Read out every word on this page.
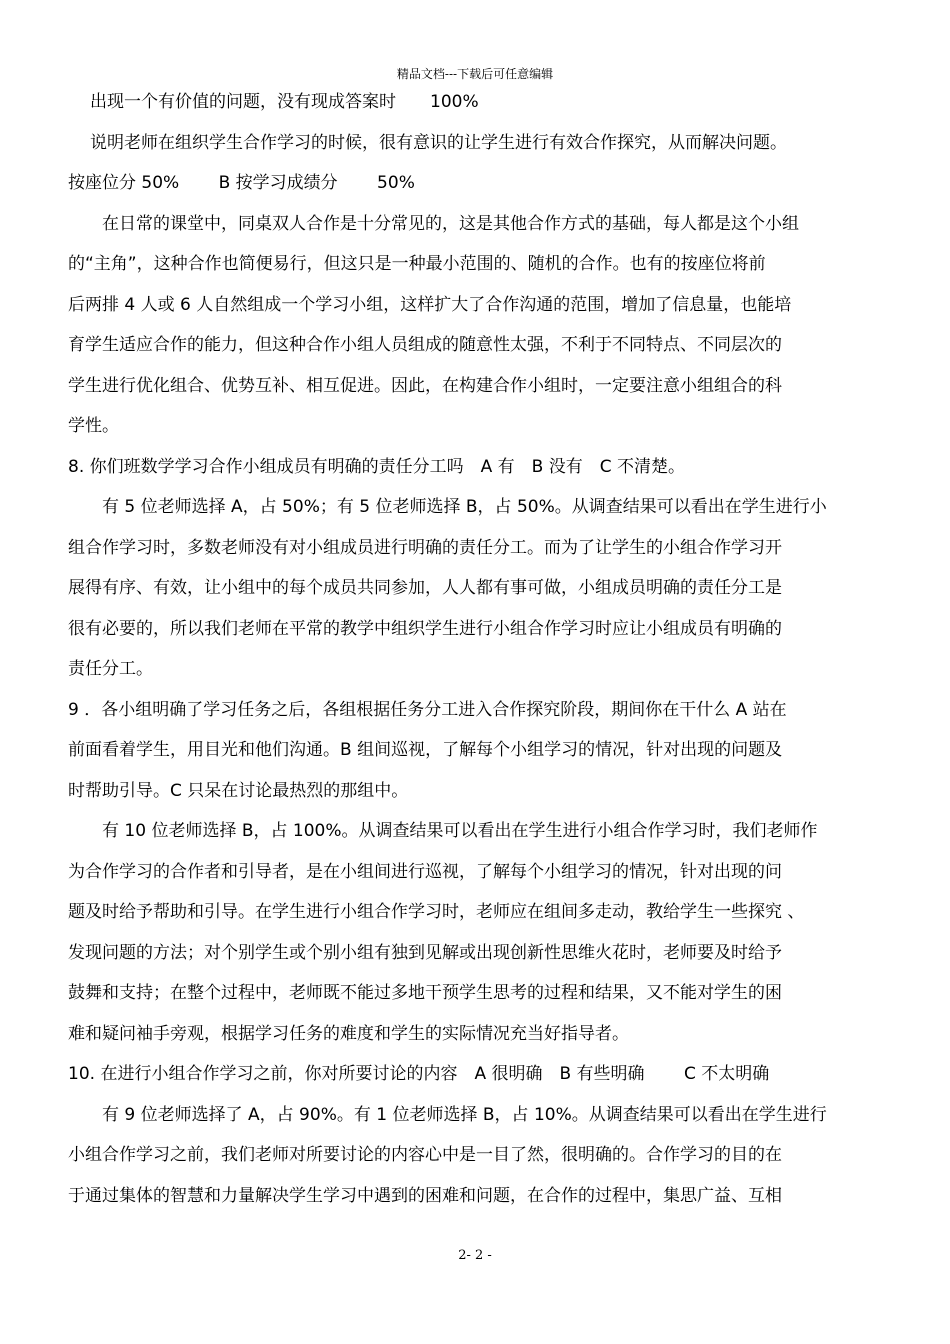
精品文档---下载后可任意编辑

出现一个有价值的问题，没有现成答案时　　100%

说明老师在组织学生合作学习的时候，很有意识的让学生进行有效合作探究，从而解决问题。

按座位分 50%　　 B 按学习成绩分　　 50%

在日常的课堂中，同桌双人合作是十分常见的，这是其他合作方式的基础，每人都是这个小组

的“主角”，这种合作也简便易行，但这只是一种最小范围的、随机的合作。也有的按座位将前

后两排 4 人或 6 人自然组成一个学习小组，这样扩大了合作沟通的范围，增加了信息量，也能培

育学生适应合作的能力，但这种合作小组人员组成的随意性太强，不利于不同特点、不同层次的

学生进行优化组合、优势互补、相互促进。因此，在构建合作小组时，一定要注意小组组合的科

学性。

8. 你们班数学学习合作小组成员有明确的责任分工吗　A 有　B 没有　C 不清楚。

有 5 位老师选择 A，占 50%；有 5 位老师选择 B，占 50%。从调查结果可以看出在学生进行小

组合作学习时，多数老师没有对小组成员进行明确的责任分工。而为了让学生的小组合作学习开

展得有序、有效，让小组中的每个成员共同参加，人人都有事可做，小组成员明确的责任分工是

很有必要的，所以我们老师在平常的教学中组织学生进行小组合作学习时应让小组成员有明确的

责任分工。

9 ．各小组明确了学习任务之后，各组根据任务分工进入合作探究阶段，期间你在干什么 A 站在

前面看着学生，用目光和他们沟通。B 组间巡视，了解每个小组学习的情况，针对出现的问题及

时帮助引导。C 只呆在讨论最热烈的那组中。

有 10 位老师选择 B，占 100%。从调查结果可以看出在学生进行小组合作学习时，我们老师作

为合作学习的合作者和引导者，是在小组间进行巡视，了解每个小组学习的情况，针对出现的问

题及时给予帮助和引导。在学生进行小组合作学习时，老师应在组间多走动，教给学生一些探究 、

发现问题的方法；对个别学生或个别小组有独到见解或出现创新性思维火花时，老师要及时给予

鼓舞和支持；在整个过程中，老师既不能过多地干预学生思考的过程和结果，又不能对学生的困

难和疑问袖手旁观，根据学习任务的难度和学生的实际情况充当好指导者。

10. 在进行小组合作学习之前，你对所要讨论的内容　A 很明确　B 有些明确　　 C 不太明确

有 9 位老师选择了 A，占 90%。有 1 位老师选择 B，占 10%。从调查结果可以看出在学生进行

小组合作学习之前，我们老师对所要讨论的内容心中是一目了然，很明确的。合作学习的目的在

于通过集体的智慧和力量解决学生学习中遇到的困难和问题，在合作的过程中，集思广益、互相

2- 2 -
